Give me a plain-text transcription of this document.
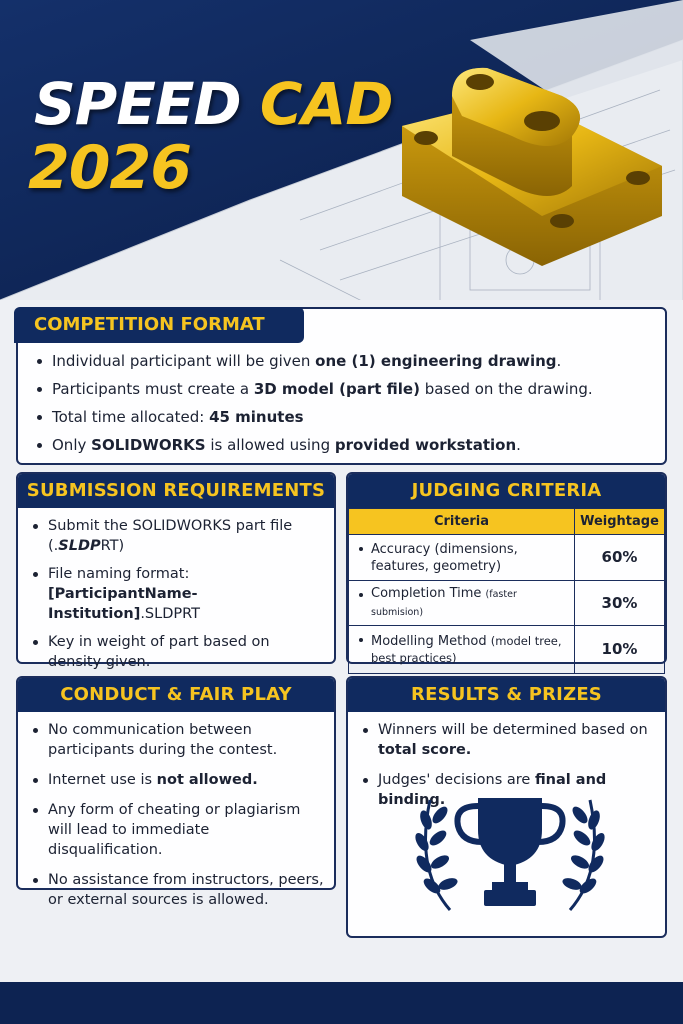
SPEED CAD
2026
Individual participant will be given one (1) engineering drawing.
Participants must create a 3D model (part file) based on the drawing.
Total time allocated: 45 minutes
Only SOLIDWORKS is allowed using provided workstation.
COMPETITION FORMAT
SUBMISSION REQUIREMENTS
Submit the SOLIDWORKS part file (.SLDPRT)
File naming format: [ParticipantName-Institution].SLDPRT
Key in weight of part based on density given.
JUDGING CRITERIA
Criteria	Weightage
Accuracy (dimensions, features, geometry)	60%
Completion Time (faster submision)	30%
Modelling Method (model tree, best practices)	10%
CONDUCT & FAIR PLAY
No communication between participants during the contest.
Internet use is not allowed.
Any form of cheating or plagiarism will lead to immediate disqualification.
No assistance from instructors, peers, or external sources is allowed.
RESULTS & PRIZES
Winners will be determined based on total score.
Judges' decisions are final and binding.
